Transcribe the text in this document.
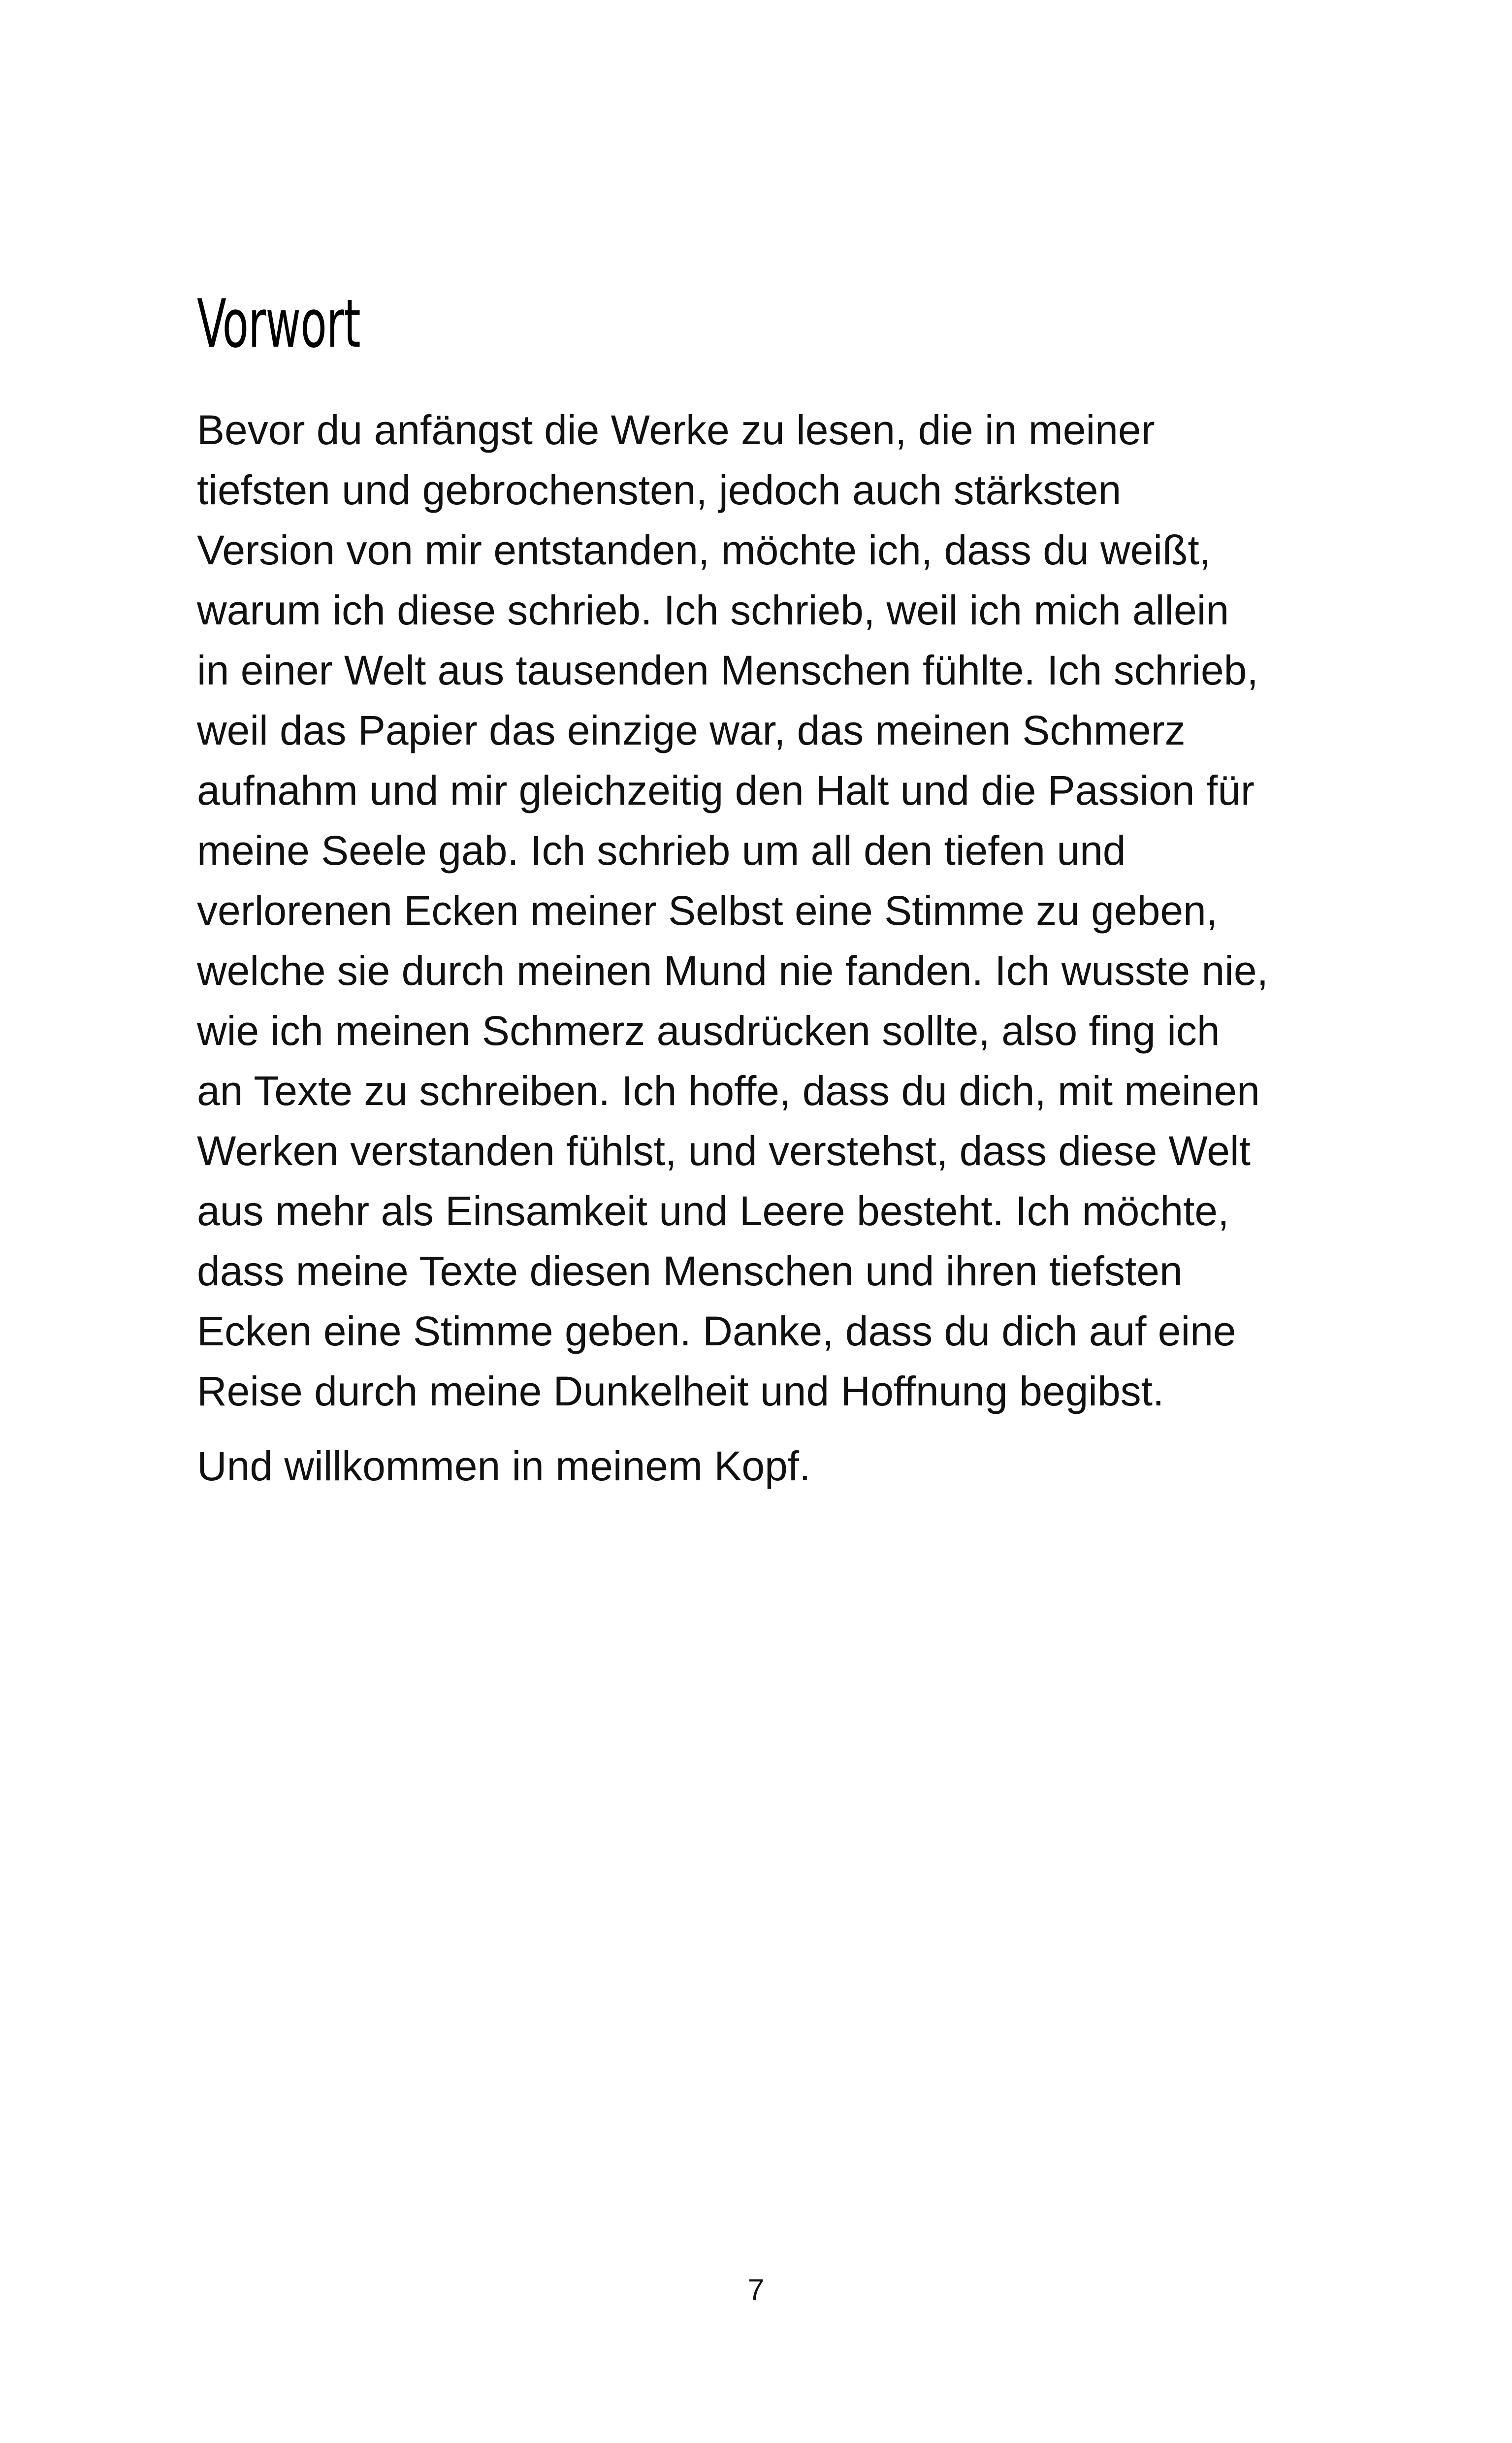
Vorwort
Bevor du anfängst die Werke zu lesen, die in meiner
tiefsten und gebrochensten, jedoch auch stärksten
Version von mir entstanden, möchte ich, dass du weißt,
warum ich diese schrieb. Ich schrieb, weil ich mich allein
in einer Welt aus tausenden Menschen fühlte. Ich schrieb,
weil das Papier das einzige war, das meinen Schmerz
aufnahm und mir gleichzeitig den Halt und die Passion für
meine Seele gab. Ich schrieb um all den tiefen und
verlorenen Ecken meiner Selbst eine Stimme zu geben,
welche sie durch meinen Mund nie fanden. Ich wusste nie,
wie ich meinen Schmerz ausdrücken sollte, also fing ich
an Texte zu schreiben. Ich hoffe, dass du dich, mit meinen
Werken verstanden fühlst, und verstehst, dass diese Welt
aus mehr als Einsamkeit und Leere besteht. Ich möchte,
dass meine Texte diesen Menschen und ihren tiefsten
Ecken eine Stimme geben. Danke, dass du dich auf eine
Reise durch meine Dunkelheit und Hoffnung begibst.
Und willkommen in meinem Kopf.
7
